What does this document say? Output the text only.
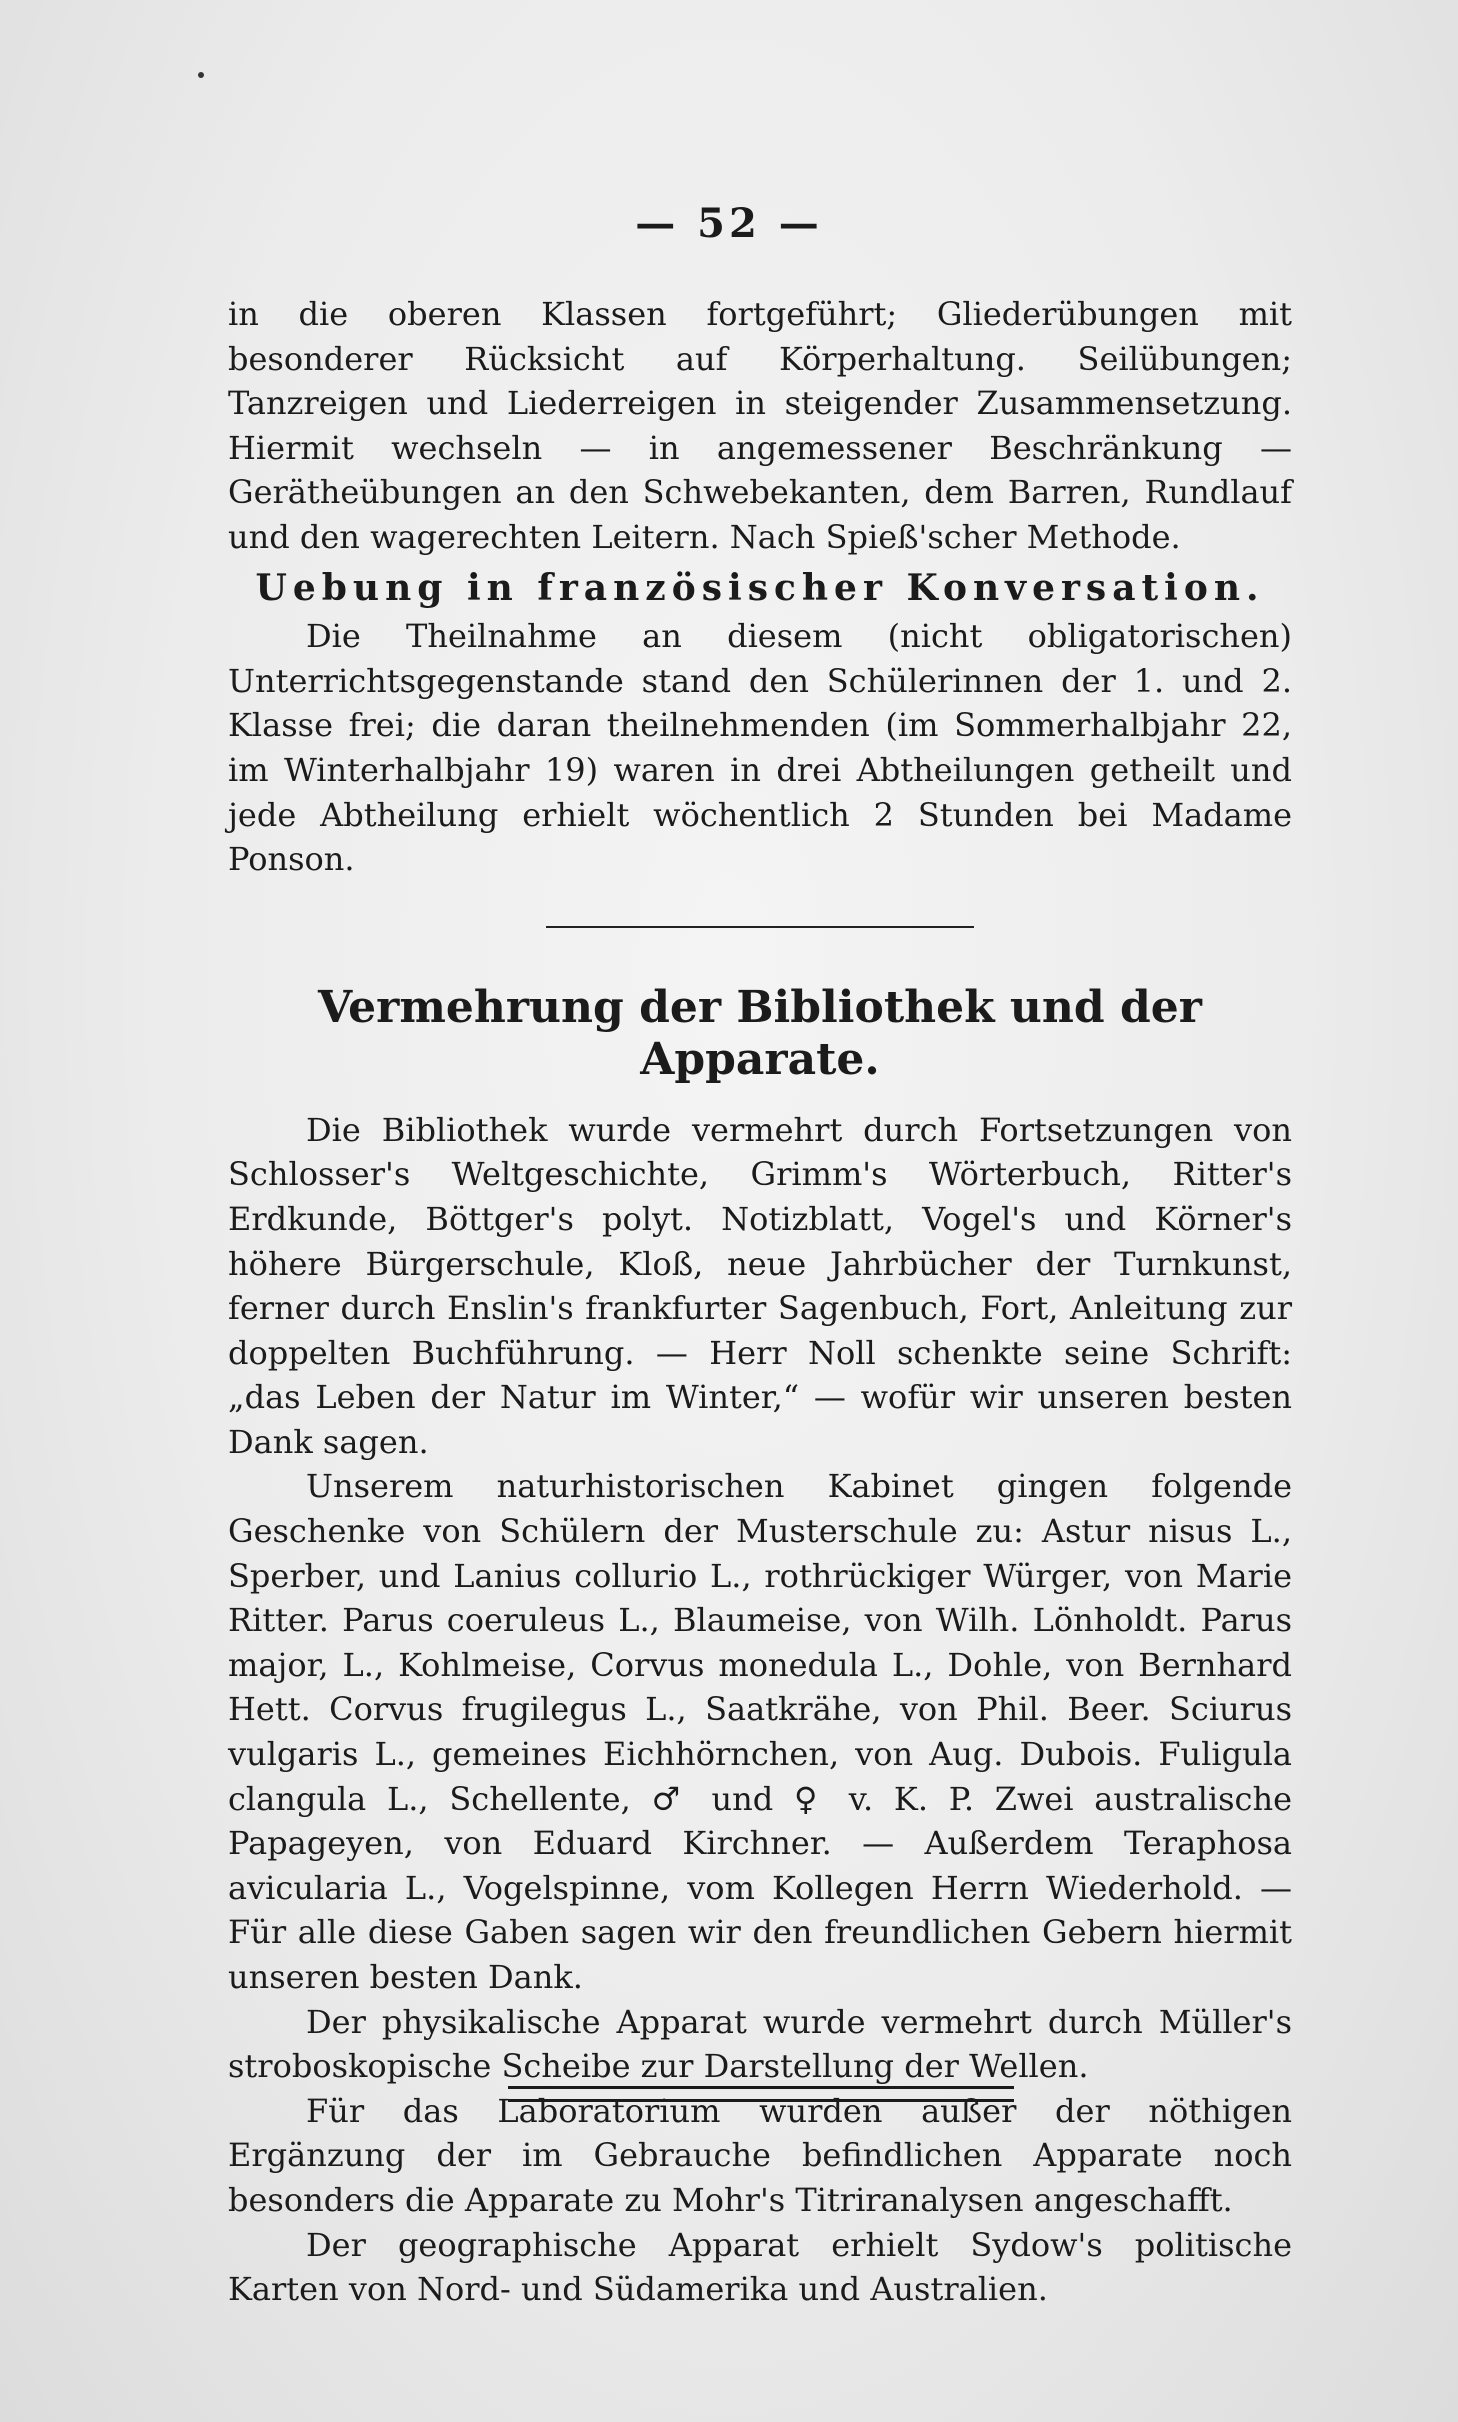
— 52 —

in die oberen Klassen fortgeführt; Gliederübungen mit besonderer Rücksicht auf Körperhaltung. Seilübungen; Tanzreigen und Liederreigen in steigender Zusammensetzung. Hiermit wechseln — in angemessener Beschränkung — Geräthеübungen an den Schwebekanten, dem Barren, Rundlauf und den wagerechten Leitern. Nach Spieß'scher Methode.

Uebung in französischer Konversation.

Die Theilnahme an diesem (nicht obligatorischen) Unterrichtsgegenstande stand den Schülerinnen der 1. und 2. Klasse frei; die daran theilnehmenden (im Sommerhalbjahr 22, im Winterhalbjahr 19) waren in drei Abtheilungen getheilt und jede Abtheilung erhielt wöchentlich 2 Stunden bei Madame Ponson.

Vermehrung der Bibliothek und der Apparate.

Die Bibliothek wurde vermehrt durch Fortsetzungen von Schlosser's Weltgeschichte, Grimm's Wörterbuch, Ritter's Erdkunde, Böttger's polyt. Notizblatt, Vogel's und Körner's höhere Bürgerschule, Kloß, neue Jahrbücher der Turnkunst, ferner durch Enslin's frankfurter Sagenbuch, Fort, Anleitung zur doppelten Buchführung. — Herr Noll schenkte seine Schrift: „das Leben der Natur im Winter,“ — wofür wir unseren besten Dank sagen.

Unserem naturhistorischen Kabinet gingen folgende Geschenke von Schülern der Musterschule zu: Astur nisus L., Sperber, und Lanius collurio L., rothrückiger Würger, von Marie Ritter. Parus coeruleus L., Blaumeise, von Wilh. Lönholdt. Parus major, L., Kohlmeise, Corvus monedula L., Dohle, von Bernhard Hett. Corvus frugilegus L., Saatkrähe, von Phil. Beer. Sciurus vulgaris L., gemeines Eichhörnchen, von Aug. Dubois. Fuligula clangula L., Schellente, ♂ und ♀ v. K. P. Zwei australische Papageyen, von Eduard Kirchner. — Außerdem Teraphosa avicularia L., Vogelspinne, vom Kollegen Herrn Wiederhold. — Für alle diese Gaben sagen wir den freundlichen Gebern hiermit unseren besten Dank.

Der physikalische Apparat wurde vermehrt durch Müller's stroboskopische Scheibe zur Darstellung der Wellen.

Für das Laboratorium wurden außer der nöthigen Ergänzung der im Gebrauche befindlichen Apparate noch besonders die Apparate zu Mohr's Titriranalysen angeschafft.

Der geographische Apparat erhielt Sydow's politische Karten von Nord- und Südamerika und Australien.
